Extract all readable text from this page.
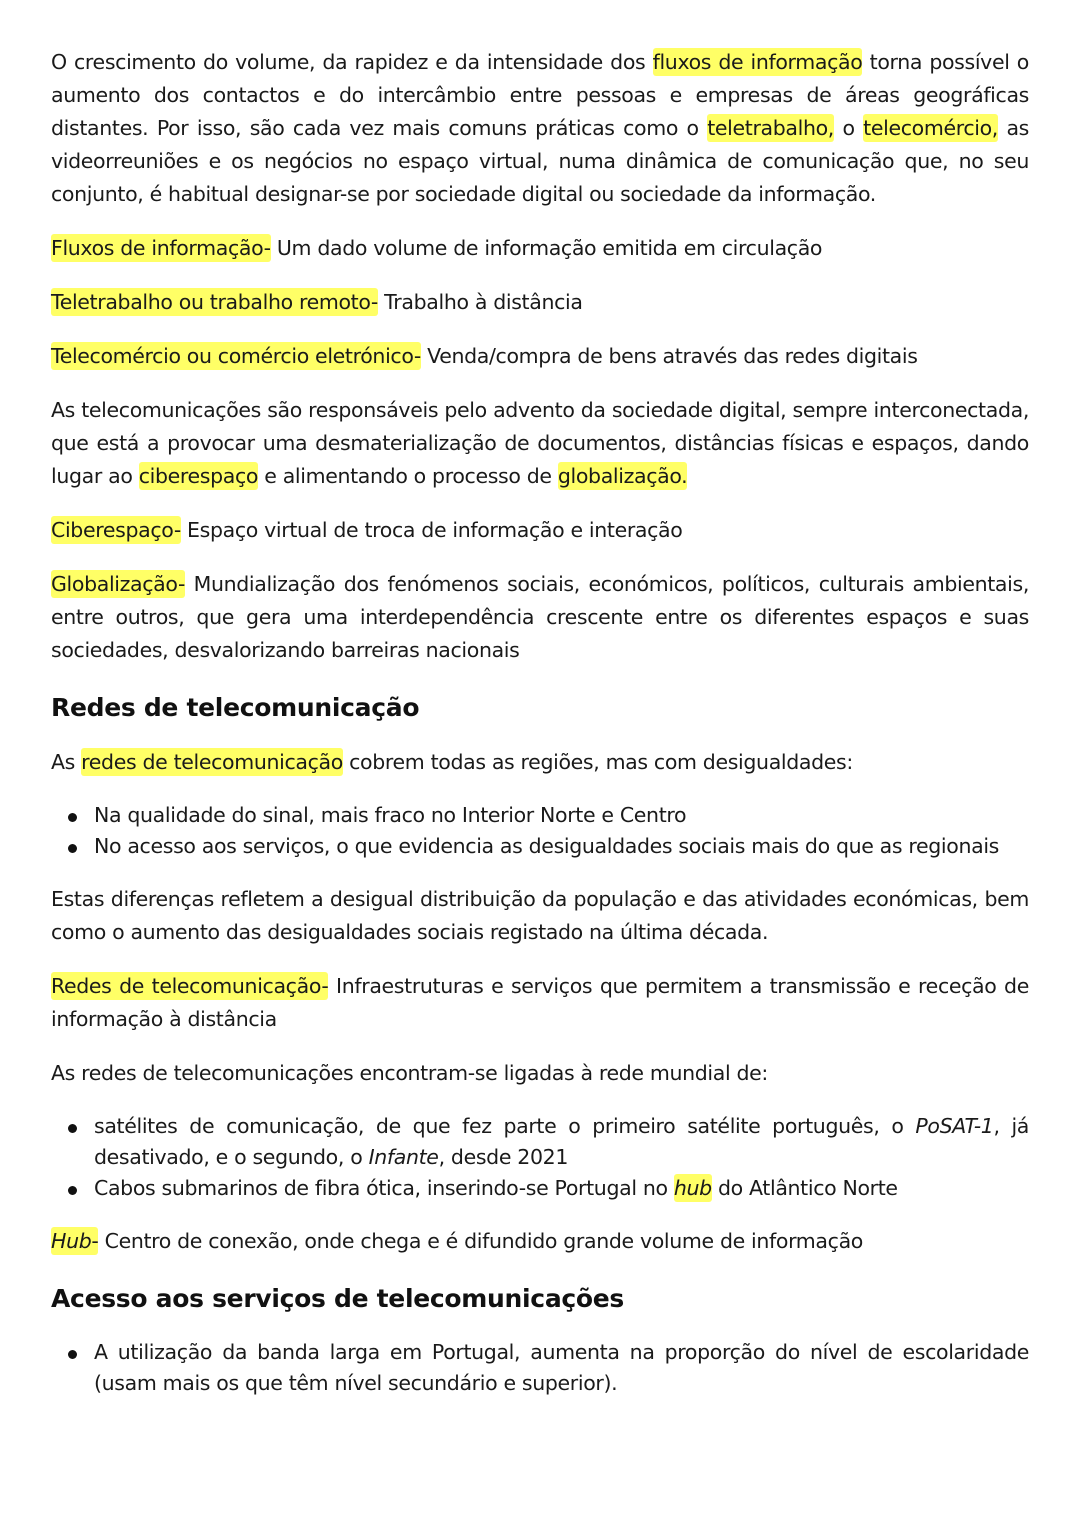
O crescimento do volume, da rapidez e da intensidade dos fluxos de informação torna possível o aumento dos contactos e do intercâmbio entre pessoas e empresas de áreas geográficas distantes. Por isso, são cada vez mais comuns práticas como o teletrabalho, o telecomércio, as videorreuniões e os negócios no espaço virtual, numa dinâmica de comunicação que, no seu conjunto, é habitual designar-se por sociedade digital ou sociedade da informação.

Fluxos de informação- Um dado volume de informação emitida em circulação

Teletrabalho ou trabalho remoto- Trabalho à distância

Telecomércio ou comércio eletrónico- Venda/compra de bens através das redes digitais

As telecomunicações são responsáveis pelo advento da sociedade digital, sempre interconectada, que está a provocar uma desmaterialização de documentos, distâncias físicas e espaços, dando lugar ao ciberespaço e alimentando o processo de globalização.

Ciberespaço- Espaço virtual de troca de informação e interação

Globalização- Mundialização dos fenómenos sociais, económicos, políticos, culturais ambientais, entre outros, que gera uma interdependência crescente entre os diferentes espaços e suas sociedades, desvalorizando barreiras nacionais

Redes de telecomunicação

As redes de telecomunicação cobrem todas as regiões, mas com desigualdades:

Na qualidade do sinal, mais fraco no Interior Norte e Centro
No acesso aos serviços, o que evidencia as desigualdades sociais mais do que as regionais

Estas diferenças refletem a desigual distribuição da população e das atividades económicas, bem como o aumento das desigualdades sociais registado na última década.

Redes de telecomunicação- Infraestruturas e serviços que permitem a transmissão e receção de informação à distância

As redes de telecomunicações encontram-se ligadas à rede mundial de:

satélites de comunicação, de que fez parte o primeiro satélite português, o PoSAT-1, já desativado, e o segundo, o Infante, desde 2021
Cabos submarinos de fibra ótica, inserindo-se Portugal no hub do Atlântico Norte

Hub- Centro de conexão, onde chega e é difundido grande volume de informação

Acesso aos serviços de telecomunicações
A utilização da banda larga em Portugal, aumenta na proporção do nível de escolaridade (usam mais os que têm nível secundário e superior).
